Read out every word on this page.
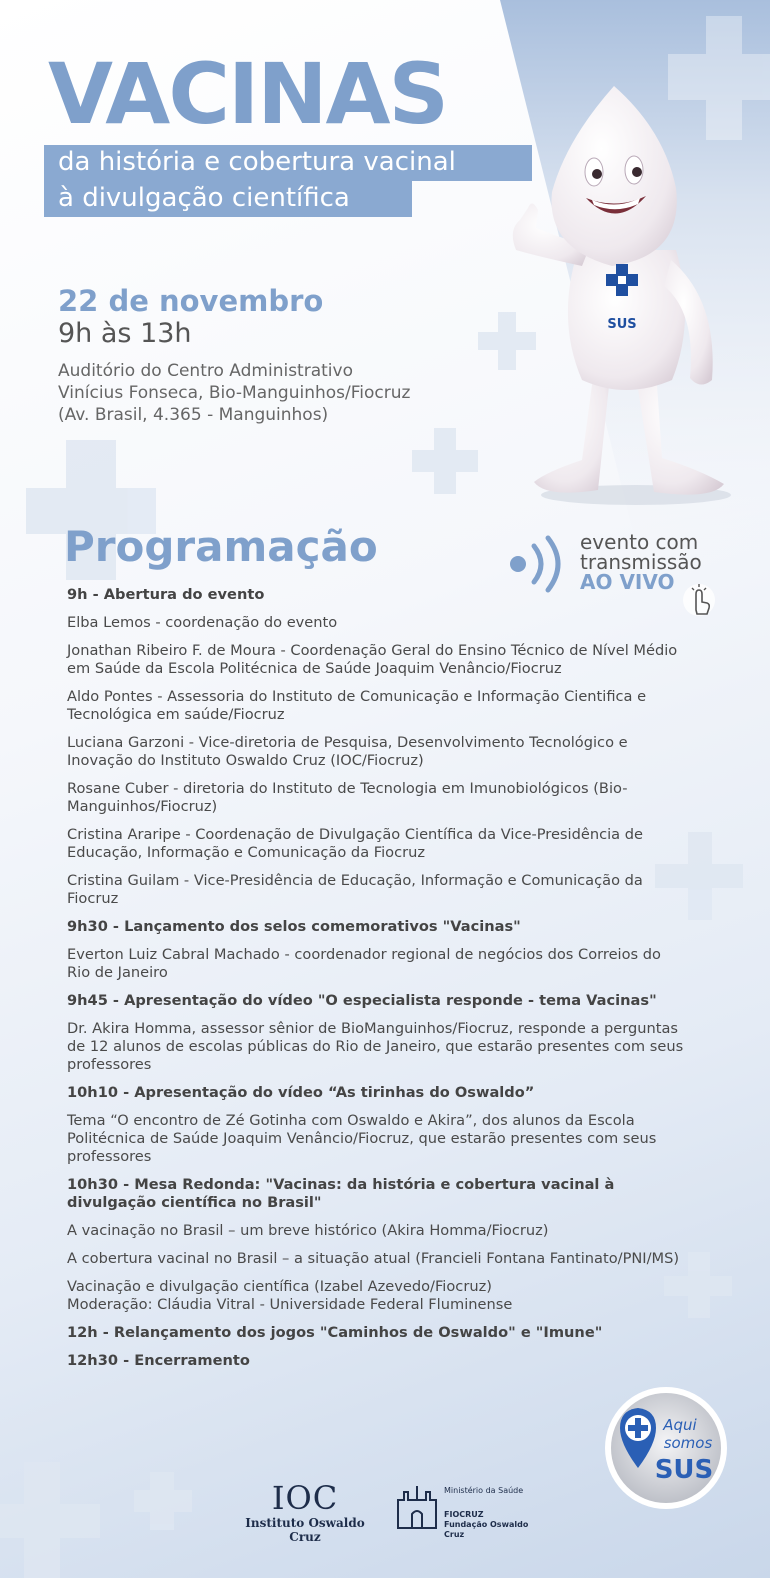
VACINAS
da história e cobertura vacinal
à divulgação científica
22 de novembro
9h às 13h
Auditório do Centro Administrativo
Vinícius Fonseca, Bio-Manguinhos/Fiocruz
(Av. Brasil, 4.365 - Manguinhos)
SUS
Programação	evento com
transmissão
AO VIVO

9h - Abertura do evento

Elba Lemos - coordenação do evento

Jonathan Ribeiro F. de Moura - Coordenação Geral do Ensino Técnico de Nível Médio em Saúde da Escola Politécnica de Saúde Joaquim Venâncio/Fiocruz

Aldo Pontes - Assessoria do Instituto de Comunicação e Informação Cientifica e Tecnológica em saúde/Fiocruz

Luciana Garzoni - Vice-diretoria de Pesquisa, Desenvolvimento Tecnológico e Inovação do Instituto Oswaldo Cruz (IOC/Fiocruz)

Rosane Cuber - diretoria do Instituto de Tecnologia em Imunobiológicos (Bio-Manguinhos/Fiocruz)

Cristina Araripe - Coordenação de Divulgação Científica da Vice-Presidência de Educação, Informação e Comunicação da Fiocruz

Cristina Guilam - Vice-Presidência de Educação, Informação e Comunicação da Fiocruz

9h30 - Lançamento dos selos comemorativos "Vacinas"

Everton Luiz Cabral Machado - coordenador regional de negócios dos Correios do Rio de Janeiro

9h45 - Apresentação do vídeo "O especialista responde - tema Vacinas"

Dr. Akira Homma, assessor sênior de BioManguinhos/Fiocruz, responde a perguntas de 12 alunos de escolas públicas do Rio de Janeiro, que estarão presentes com seus professores

10h10 - Apresentação do vídeo “As tirinhas do Oswaldo”

Tema “O encontro de Zé Gotinha com Oswaldo e Akira”, dos alunos da Escola Politécnica de Saúde Joaquim Venâncio/Fiocruz, que estarão presentes com seus professores

10h30 - Mesa Redonda: "Vacinas: da história e cobertura vacinal à divulgação científica no Brasil"

A vacinação no Brasil – um breve histórico (Akira Homma/Fiocruz)

A cobertura vacinal no Brasil – a situação atual (Francieli Fontana Fantinato/PNI/MS)

Vacinação e divulgação científica (Izabel Azevedo/Fiocruz)

Moderação: Cláudia Vitral - Universidade Federal Fluminense

12h - Relançamento dos jogos "Caminhos de Oswaldo" e "Imune"

12h30 - Encerramento

Aqui
somos
SUS
IOC
Instituto Oswaldo Cruz
Ministério da Saúde
FIOCRUZ
Fundação Oswaldo Cruz
